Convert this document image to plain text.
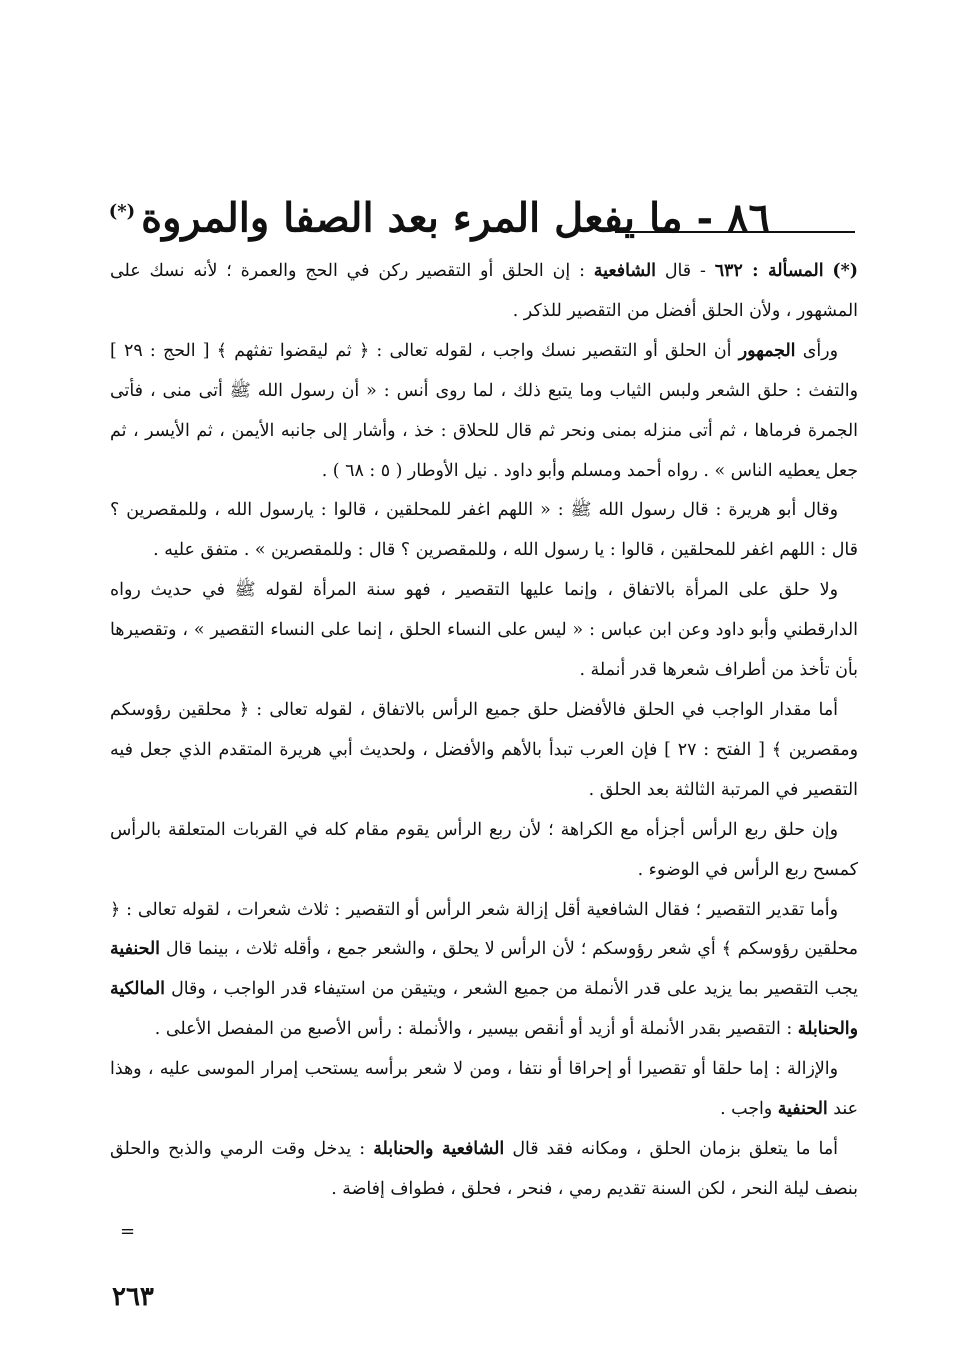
٨٦ - ما يفعل المرء بعد الصفا والمروة(*)

(*) المسألة : ٦٣٢ - قال الشافعية : إن الحلق أو التقصير ركن في الحج والعمرة ؛ لأنه نسك على المشهور ، ولأن الحلق أفضل من التقصير للذكر .

ورأى الجمهور أن الحلق أو التقصير نسك واجب ، لقوله تعالى : ﴿ ثم ليقضوا تفثهم ﴾ [ الحج : ٢٩ ] والتفث : حلق الشعر ولبس الثياب وما يتبع ذلك ، لما روى أنس : « أن رسول الله ﷺ أتى منى ، فأتى الجمرة فرماها ، ثم أتى منزله بمنى ونحر ثم قال للحلاق : خذ ، وأشار إلى جانبه الأيمن ، ثم الأيسر ، ثم جعل يعطيه الناس » . رواه أحمد ومسلم وأبو داود . نيل الأوطار ( ٥ : ٦٨ ) .

وقال أبو هريرة : قال رسول الله ﷺ : « اللهم اغفر للمحلقين ، قالوا : يارسول الله ، وللمقصرين ؟ قال : اللهم اغفر للمحلقين ، قالوا : يا رسول الله ، وللمقصرين ؟ قال : وللمقصرين » . متفق عليه .

ولا حلق على المرأة بالاتفاق ، وإنما عليها التقصير ، فهو سنة المرأة لقوله ﷺ في حديث رواه الدارقطني وأبو داود وعن ابن عباس : « ليس على النساء الحلق ، إنما على النساء التقصير » ، وتقصيرها بأن تأخذ من أطراف شعرها قدر أنملة .

أما مقدار الواجب في الحلق فالأفضل حلق جميع الرأس بالاتفاق ، لقوله تعالى : ﴿ محلقين رؤوسكم ومقصرين ﴾ [ الفتح : ٢٧ ] فإن العرب تبدأ بالأهم والأفضل ، ولحديث أبي هريرة المتقدم الذي جعل فيه التقصير في المرتبة الثالثة بعد الحلق .

وإن حلق ربع الرأس أجزأه مع الكراهة ؛ لأن ربع الرأس يقوم مقام كله في القربات المتعلقة بالرأس كمسح ربع الرأس في الوضوء .

وأما تقدير التقصير ؛ فقال الشافعية أقل إزالة شعر الرأس أو التقصير : ثلاث شعرات ، لقوله تعالى : ﴿ محلقين رؤوسكم ﴾ أي شعر رؤوسكم ؛ لأن الرأس لا يحلق ، والشعر جمع ، وأقله ثلاث ، بينما قال الحنفية يجب التقصير بما يزيد على قدر الأنملة من جميع الشعر ، ويتيقن من استيفاء قدر الواجب ، وقال المالكية والحنابلة : التقصير بقدر الأنملة أو أزيد أو أنقص بيسير ، والأنملة : رأس الأصبع من المفصل الأعلى .

والإزالة : إما حلقا أو تقصيرا أو إحراقا أو نتفا ، ومن لا شعر برأسه يستحب إمرار الموسى عليه ، وهذا عند الحنفية واجب .

أما ما يتعلق بزمان الحلق ، ومكانه فقد قال الشافعية والحنابلة : يدخل وقت الرمي والذبح والحلق بنصف ليلة النحر ، لكن السنة تقديم رمي ، فنحر ، فحلق ، فطواف إفاضة .

=
٢٦٣
